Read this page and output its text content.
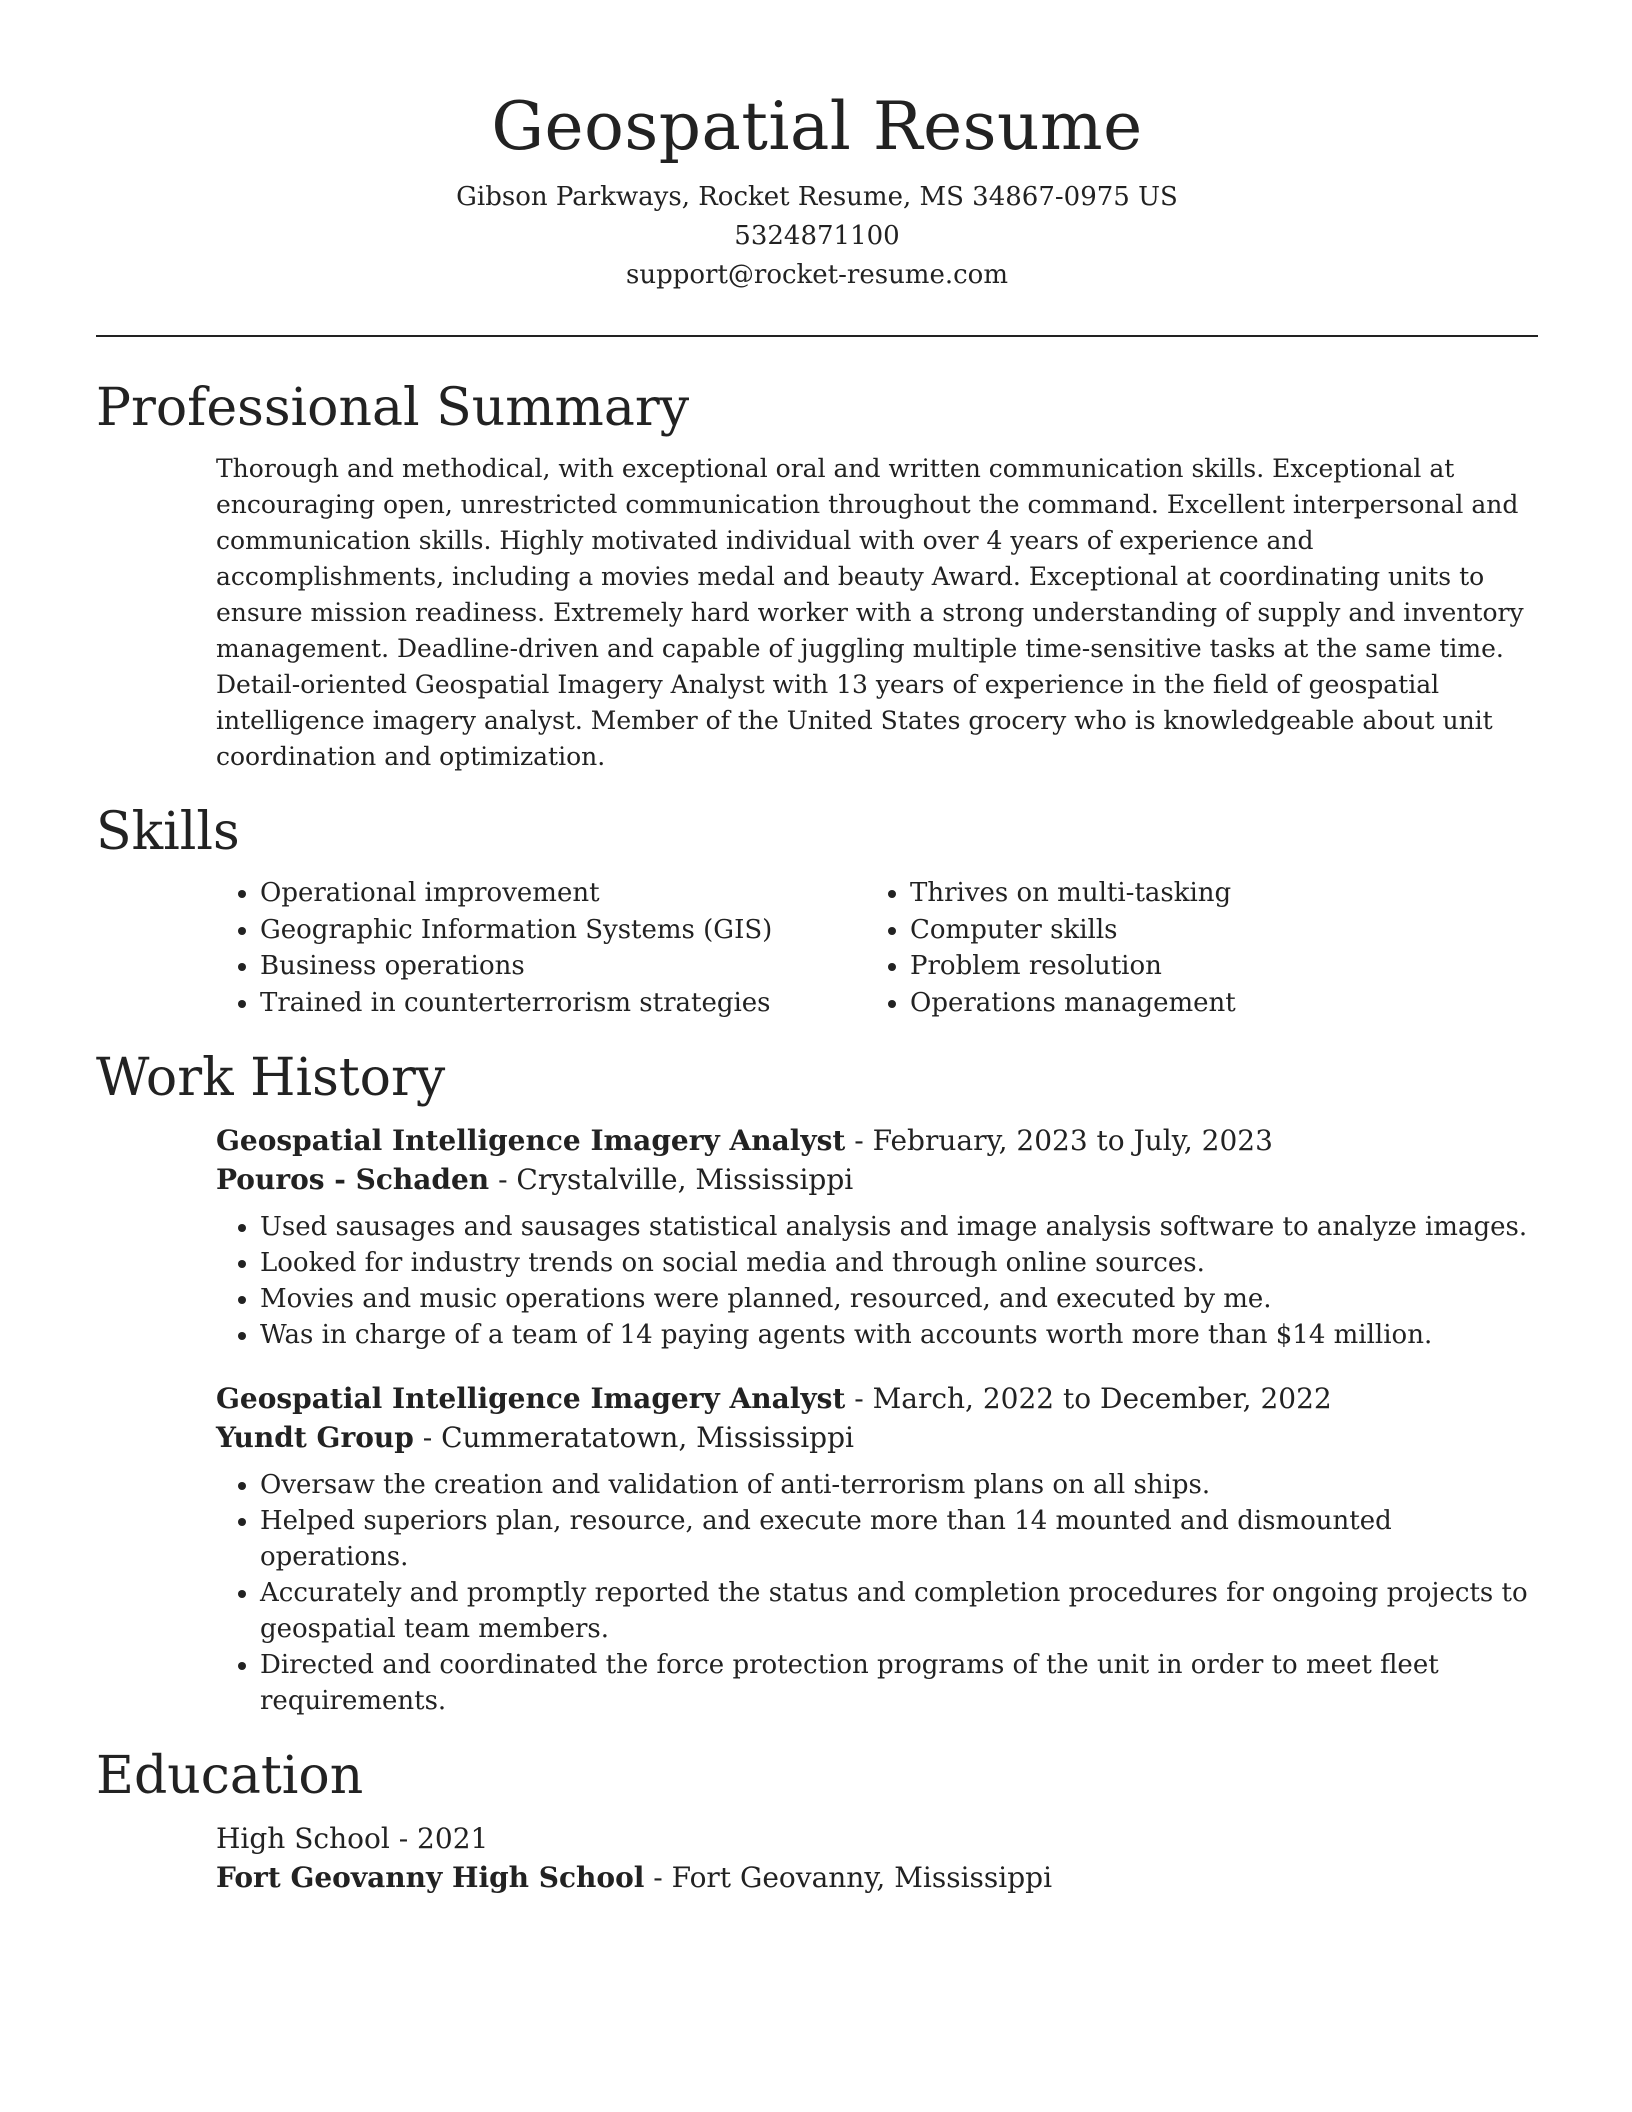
Geospatial Resume
Gibson Parkways, Rocket Resume, MS 34867-0975 US
5324871100
support@rocket-resume.com
Professional Summary
Thorough and methodical, with exceptional oral and written communication skills. Exceptional at encouraging open, unrestricted communication throughout the command. Excellent interpersonal and communication skills. Highly motivated individual with over 4 years of experience and accomplishments, including a movies medal and beauty Award. Exceptional at coordinating units to ensure mission readiness. Extremely hard worker with a strong understanding of supply and inventory management. Deadline-driven and capable of juggling multiple time-sensitive tasks at the same time. Detail-oriented Geospatial Imagery Analyst with 13 years of experience in the field of geospatial intelligence imagery analyst. Member of the United States grocery who is knowledgeable about unit coordination and optimization.
Skills
• Operational improvement
• Geographic Information Systems (GIS)
• Business operations
• Trained in counterterrorism strategies
• Thrives on multi-tasking
• Computer skills
• Problem resolution
• Operations management
Work History
Geospatial Intelligence Imagery Analyst - February, 2023 to July, 2023
Pouros - Schaden - Crystalville, Mississippi
• Used sausages and sausages statistical analysis and image analysis software to analyze images.
• Looked for industry trends on social media and through online sources.
• Movies and music operations were planned, resourced, and executed by me.
• Was in charge of a team of 14 paying agents with accounts worth more than $14 million.
Geospatial Intelligence Imagery Analyst - March, 2022 to December, 2022
Yundt Group - Cummeratatown, Mississippi
• Oversaw the creation and validation of anti-terrorism plans on all ships.
• Helped superiors plan, resource, and execute more than 14 mounted and dismounted operations.
• Accurately and promptly reported the status and completion procedures for ongoing projects to geospatial team members.
• Directed and coordinated the force protection programs of the unit in order to meet fleet requirements.
Education
High School - 2021
Fort Geovanny High School - Fort Geovanny, Mississippi
